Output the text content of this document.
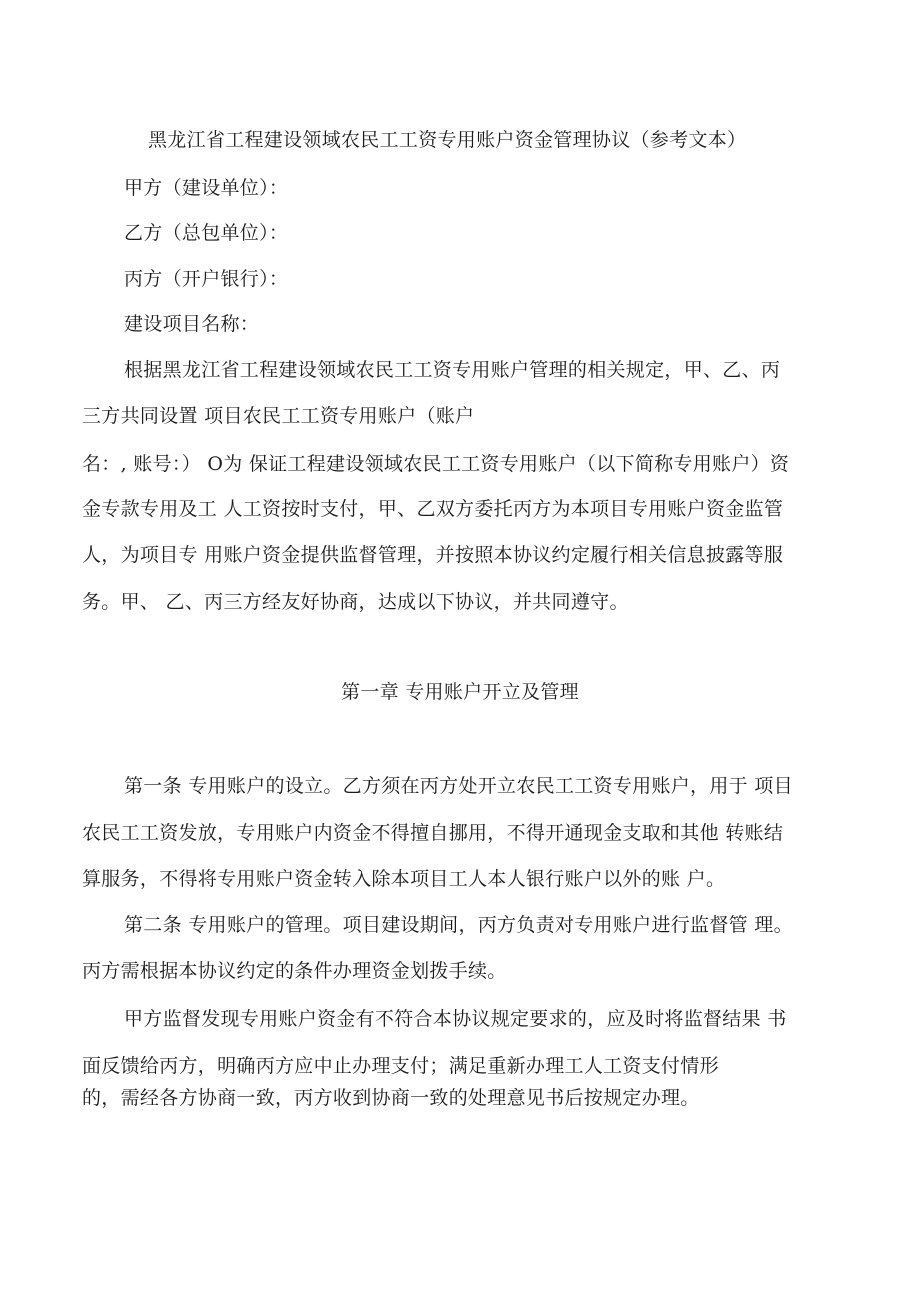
黑龙江省工程建设领域农民工工资专用账户资金管理协议（参考文本）
甲方（建设单位）：
乙方（总包单位）：
丙方（开户银行）：
建设项目名称：
根据黑龙江省工程建设领域农民工工资专用账户管理的相关规定，甲、乙、丙
三方共同设置 项目农民工工资专用账户（账户
名：, 账号：） O为 保证工程建设领域农民工工资专用账户（以下简称专用账户）资
金专款专用及工 人工资按时支付，甲、乙双方委托丙方为本项目专用账户资金监管
人，为项目专 用账户资金提供监督管理，并按照本协议约定履行相关信息披露等服
务。甲、 乙、丙三方经友好协商，达成以下协议，并共同遵守。
第一章 专用账户开立及管理
第一条 专用账户的设立。乙方须在丙方处开立农民工工资专用账户，用于 项目
农民工工资发放，专用账户内资金不得擅自挪用，不得开通现金支取和其他 转账结
算服务，不得将专用账户资金转入除本项目工人本人银行账户以外的账 户。
第二条 专用账户的管理。项目建设期间，丙方负责对专用账户进行监督管 理。
丙方需根据本协议约定的条件办理资金划拨手续。
甲方监督发现专用账户资金有不符合本协议规定要求的，应及时将监督结果 书
面反馈给丙方，明确丙方应中止办理支付；满足重新办理工人工资支付情形
的，需经各方协商一致，丙方收到协商一致的处理意见书后按规定办理。
